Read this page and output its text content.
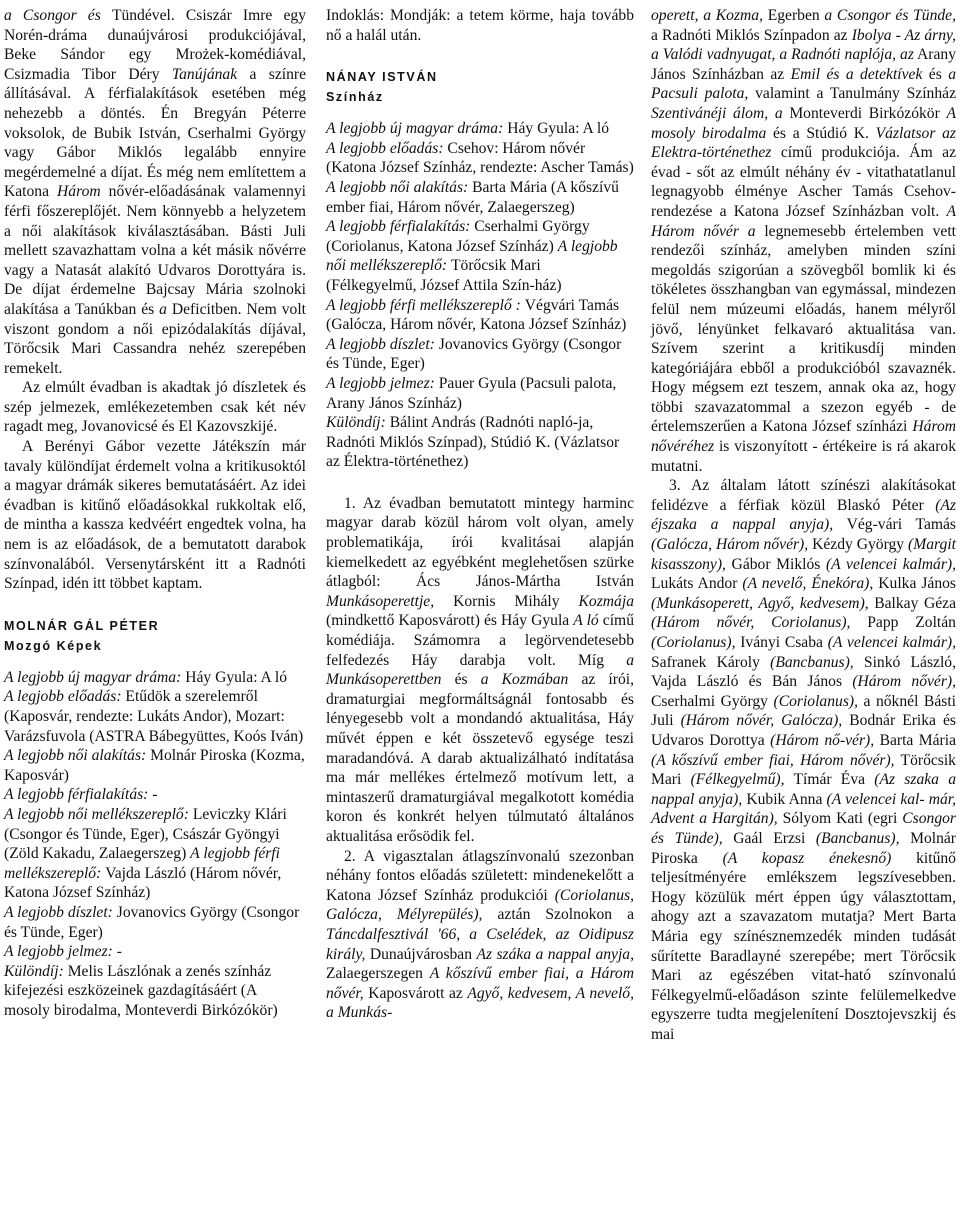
a Csongor és Tündével. Csiszár Imre egy Norén-dráma dunaújvárosi produkciójával, Beke Sándor egy Mrożek-komédiával, Csizmadia Tibor Déry Tanújának a színre állításával. A férfialakítások esetében még nehezebb a döntés. Én Bregyán Péterre voksolok, de Bubik István, Cserhalmi György vagy Gábor Miklós legalább ennyire megérdemelné a díjat. És még nem említettem a Katona Három nővér-előadásának valamennyi férfi főszereplőjét. Nem könnyebb a helyzetem a női alakítások kiválasztásában. Básti Juli mellett szavazhattam volna a két másik nővérre vagy a Natasát alakító Udvaros Dorottyára is. De díjat érdemelne Bajcsay Mária szolnoki alakítása a Tanúkban és a Deficitben. Nem volt viszont gondom a női epizódalakítás díjával, Törőcsik Mari Cassandra nehéz szerepében remekelt.

Az elmúlt évadban is akadtak jó díszletek és szép jelmezek, emlékezetemben csak két név ragadt meg, Jovanovicsé és El Kazovszkijé.

A Berényi Gábor vezette Játékszín már tavaly különdíjat érdemelt volna a kritikusoktól a magyar drámák sikeres bemutatásáért. Az idei évadban is kitűnő előadásokkal rukkoltak elő, de mintha a kassza kedvéért engedtek volna, ha nem is az előadások, de a bemutatott darabok színvonalából. Versenytársként itt a Radnóti Színpad, idén itt többet kaptam.

MOLNÁR GÁL PÉTER

Mozgó Képek

A legjobb új magyar dráma: Háy Gyula: A ló

A legjobb előadás: Etűdök a szerelemről (Kaposvár, rendezte: Lukáts Andor), Mozart: Varázsfuvola (ASTRA Bábegyüttes, Koós Iván)

A legjobb női alakítás: Molnár Piroska (Kozma, Kaposvár)

A legjobb férfialakítás: -

A legjobb női mellékszereplő: Leviczky Klári (Csongor és Tünde, Eger), Császár Gyöngyi (Zöld Kakadu, Zalaegerszeg) A legjobb férfi mellékszereplő: Vajda László (Három nővér, Katona József Színház)

A legjobb díszlet: Jovanovics György (Csongor és Tünde, Eger)

A legjobb jelmez: -

Különdíj: Melis Lászlónak a zenés színház kifejezési eszközeinek gazdagításáért (A mosoly birodalma, Monteverdi Birkózókör)

Indoklás: Mondják: a tetem körme, haja tovább nő a halál után.

NÁNAY ISTVÁN

Színház

A legjobb új magyar dráma: Háy Gyula: A ló

A legjobb előadás: Csehov: Három nővér (Katona József Színház, rendezte: Ascher Tamás)

A legjobb női alakítás: Barta Mária (A kőszívű ember fiai, Három nővér, Zalaegerszeg)

A legjobb férfialakítás: Cserhalmi György (Coriolanus, Katona József Színház) A legjobb női mellékszereplő: Törőcsik Mari (Félkegyelmű, József Attila Szín-ház)

A legjobb férfi mellékszereplő : Végvári Tamás (Galócza, Három nővér, Katona József Színház)

A legjobb díszlet: Jovanovics György (Csongor és Tünde, Eger)

A legjobb jelmez: Pauer Gyula (Pacsuli palota, Arany János Színház)

Különdíj: Bálint András (Radnóti napló-ja, Radnóti Miklós Színpad), Stúdió K. (Vázlatsor az Élektra-történethez)

1. Az évadban bemutatott mintegy harminc magyar darab közül három volt olyan, amely problematikája, írói kvalitásai alapján kiemelkedett az egyébként meglehetősen szürke átlagból: Ács János-Mártha István Munkásoperettje, Kornis Mihály Kozmája (mindkettő Kaposvárott) és Háy Gyula A ló című komédiája. Számomra a legörvendetesebb felfedezés Háy darabja volt. Míg a Munkásoperettben és a Kozmában az írói, dramaturgiai megformáltságnál fontosabb és lényegesebb volt a mondandó aktualitása, Háy művét éppen e két összetevő egysége teszi maradandóvá. A darab aktualizálható indítatása ma már mellékes értelmező motívum lett, a mintaszerű dramaturgiával megalkotott komédia koron és konkrét helyen túlmutató általános aktualitása erősödik fel.

2. A vigasztalan átlagszínvonalú szezonban néhány fontos előadás született: mindenekelőtt a Katona József Színház produkciói (Coriolanus, Galócza, Mélyrepülés), aztán Szolnokon a Táncdalfesztivál '66, a Cselédek, az Oidipusz király, Dunaújvárosban Az száka a nappal anyja, Zalaegerszegen A kőszívű ember fiai, a Három nővér, Kaposvárott az Agyő, kedvesem, A nevelő, a Munkás-

operett, a Kozma, Egerben a Csongor és Tünde, a Radnóti Miklós Színpadon az Ibolya - Az árny, a Valódi vadnyugat, a Radnóti naplója, az Arany János Színházban az Emil és a detektívek és a Pacsuli palota, valamint a Tanulmány Színház Szentivánéji álom, a Monteverdi Birkózókör A mosoly birodalma és a Stúdió K. Vázlatsor az Elektra-történethez című produkciója. Ám az évad - sőt az elmúlt néhány év - vitathatatlanul legnagyobb élménye Ascher Tamás Csehov-rendezése a Katona József Színházban volt. A Három nővér a legnemesebb értelemben vett rendezői színház, amelyben minden színi megoldás szigorúan a szövegből bomlik ki és tökéletes összhangban van egymással, mindezen felül nem múzeumi előadás, hanem mélyről jövő, lényünket felkavaró aktualitása van. Szívem szerint a kritikusdíj minden kategóriájára ebből a produkcióból szavaznék. Hogy mégsem ezt teszem, annak oka az, hogy többi szavazatommal a szezon egyéb - de értelemszerűen a Katona József színházi Három nővéréhez is viszonyított - értékeire is rá akarok mutatni.

3. Az általam látott színészi alakításokat felidézve a férfiak közül Blaskó Péter (Az éjszaka a nappal anyja), Vég-vári Tamás (Galócza, Három nővér), Kézdy György (Margit kisasszony), Gábor Miklós (A velencei kalmár), Lukáts Andor (A nevelő, Énekóra), Kulka János (Munkásoperett, Agyő, kedvesem), Balkay Géza (Három nővér, Coriolanus), Papp Zoltán (Coriolanus), Iványi Csaba (A velencei kalmár), Safranek Károly (Bancbanus), Sinkó László, Vajda László és Bán János (Három nővér), Cserhalmi György (Coriolanus), a nőknél Básti Juli (Három nővér, Galócza), Bodnár Erika és Udvaros Dorottya (Három nő-vér), Barta Mária (A kőszívű ember fiai, Három nővér), Törőcsik Mari (Félkegyelmű), Tímár Éva (Az szaka a nappal anyja), Kubik Anna (A velencei kal- már, Advent a Hargitán), Sólyom Kati (egri Csongor és Tünde), Gaál Erzsi (Bancbanus), Molnár Piroska (A kopasz énekesnő) kitűnő teljesítményére emlékszem legszívesebben. Hogy közülük mért éppen úgy választottam, ahogy azt a szavazatom mutatja? Mert Barta Mária egy színésznemzedék minden tudását sűrítette Baradlayné szerepébe; mert Törőcsik Mari az egészében vitat-ható színvonalú Félkegyelmű-előadáson szinte felülemelkedve egyszerre tudta megjelenítení Dosztojevszkij és mai
